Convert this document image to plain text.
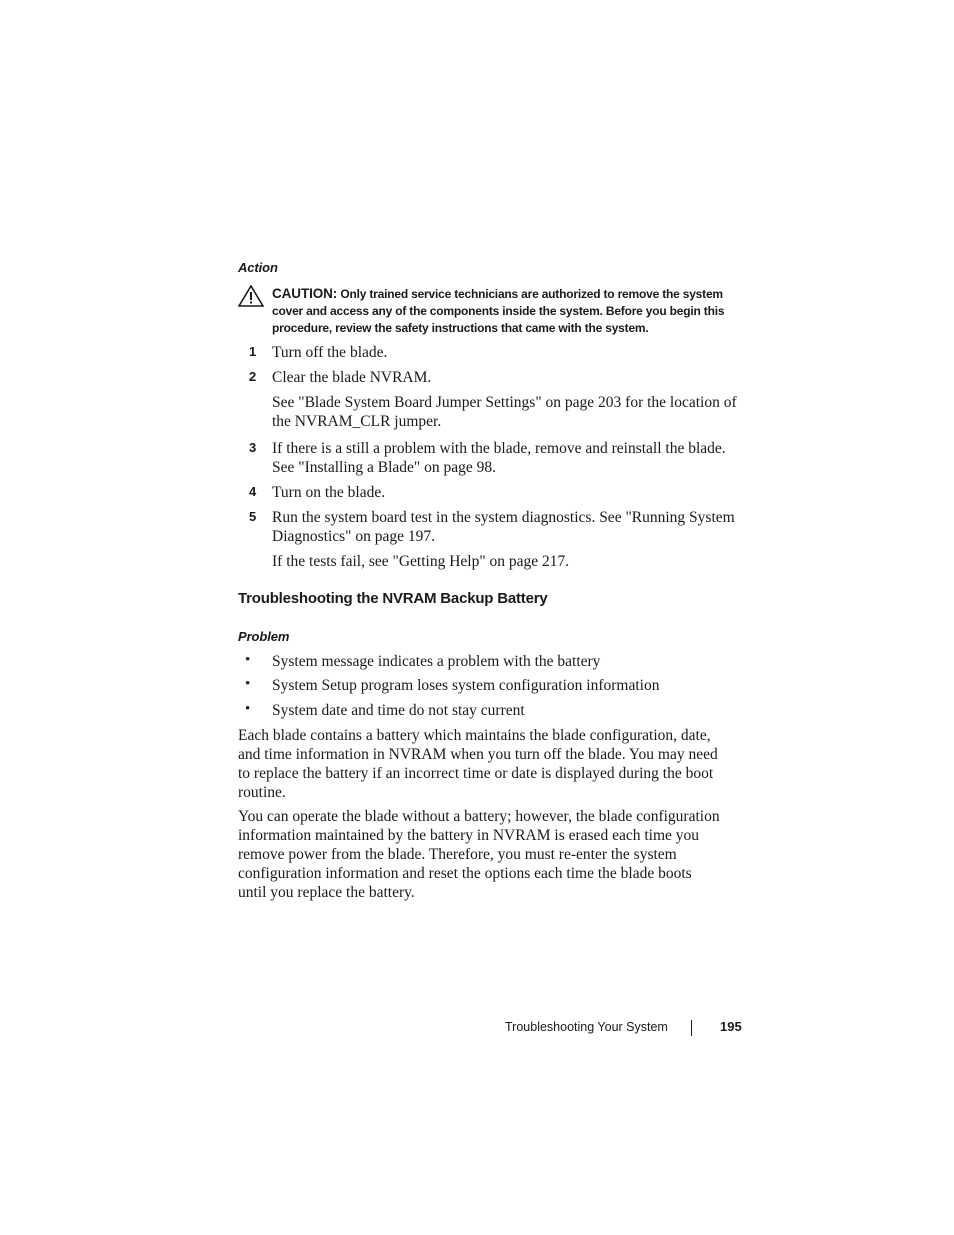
Action
CAUTION: Only trained service technicians are authorized to remove the system
cover and access any of the components inside the system. Before you begin this
procedure, review the safety instructions that came with the system.
1 Turn off the blade.
2 Clear the blade NVRAM.
See "Blade System Board Jumper Settings" on page 203 for the location of
the NVRAM_CLR jumper.
3 If there is a still a problem with the blade, remove and reinstall the blade.
See "Installing a Blade" on page 98.
4 Turn on the blade.
5 Run the system board test in the system diagnostics. See "Running System
Diagnostics" on page 197.
If the tests fail, see "Getting Help" on page 217.
Troubleshooting the NVRAM Backup Battery
Problem
• System message indicates a problem with the battery
• System Setup program loses system configuration information
• System date and time do not stay current
Each blade contains a battery which maintains the blade configuration, date,
and time information in NVRAM when you turn off the blade. You may need
to replace the battery if an incorrect time or date is displayed during the boot
routine.
You can operate the blade without a battery; however, the blade configuration
information maintained by the battery in NVRAM is erased each time you
remove power from the blade. Therefore, you must re-enter the system
configuration information and reset the options each time the blade boots
until you replace the battery.
Troubleshooting Your System	195
